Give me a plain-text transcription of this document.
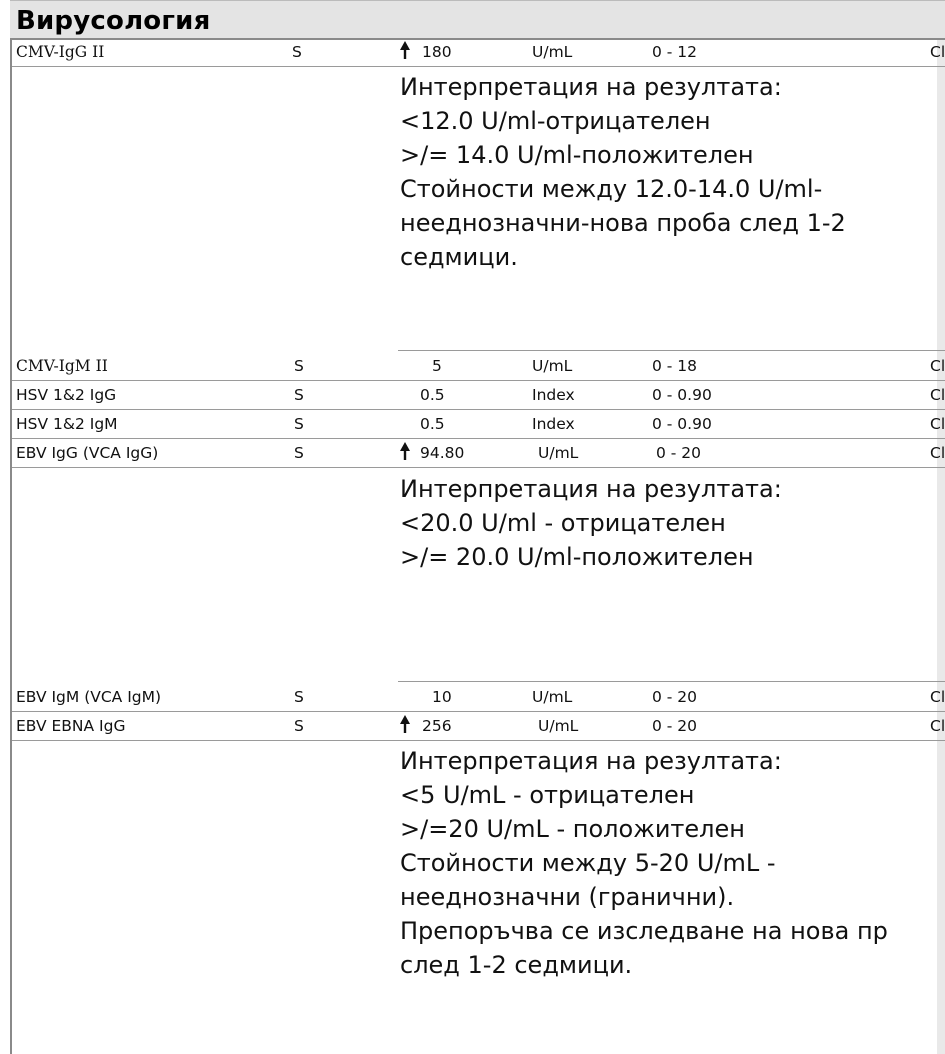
Вирусология
CMV-IgG II	S	180	U/mL	0 - 12	Cl
Интерпретация на резултата:
<12.0 U/ml-отрицателен
>/= 14.0 U/ml-положителен
Стойности между 12.0-14.0 U/ml-
нееднозначни-нова проба след 1-2
седмици.
CMV-IgM II	S	5	U/mL	0 - 18	Cl
HSV 1&2 IgG	S	0.5	Index	0 - 0.90	Cl
HSV 1&2 IgM	S	0.5	Index	0 - 0.90	Cl
EBV IgG (VCA IgG)	S	94.80	U/mL	0 - 20	Cl
Интерпретация на резултата:
<20.0 U/ml - отрицателен
>/= 20.0 U/ml-положителен
EBV IgM (VCA IgM)	S	10	U/mL	0 - 20	Cl
EBV EBNA IgG	S	256	U/mL	0 - 20	Cl
Интерпретация на резултата:
<5 U/mL - отрицателен
>/=20 U/mL - положителен
Стойности между 5-20 U/mL -
нееднозначни (гранични).
Препоръчва се изследване на нова пр
след 1-2 седмици.
